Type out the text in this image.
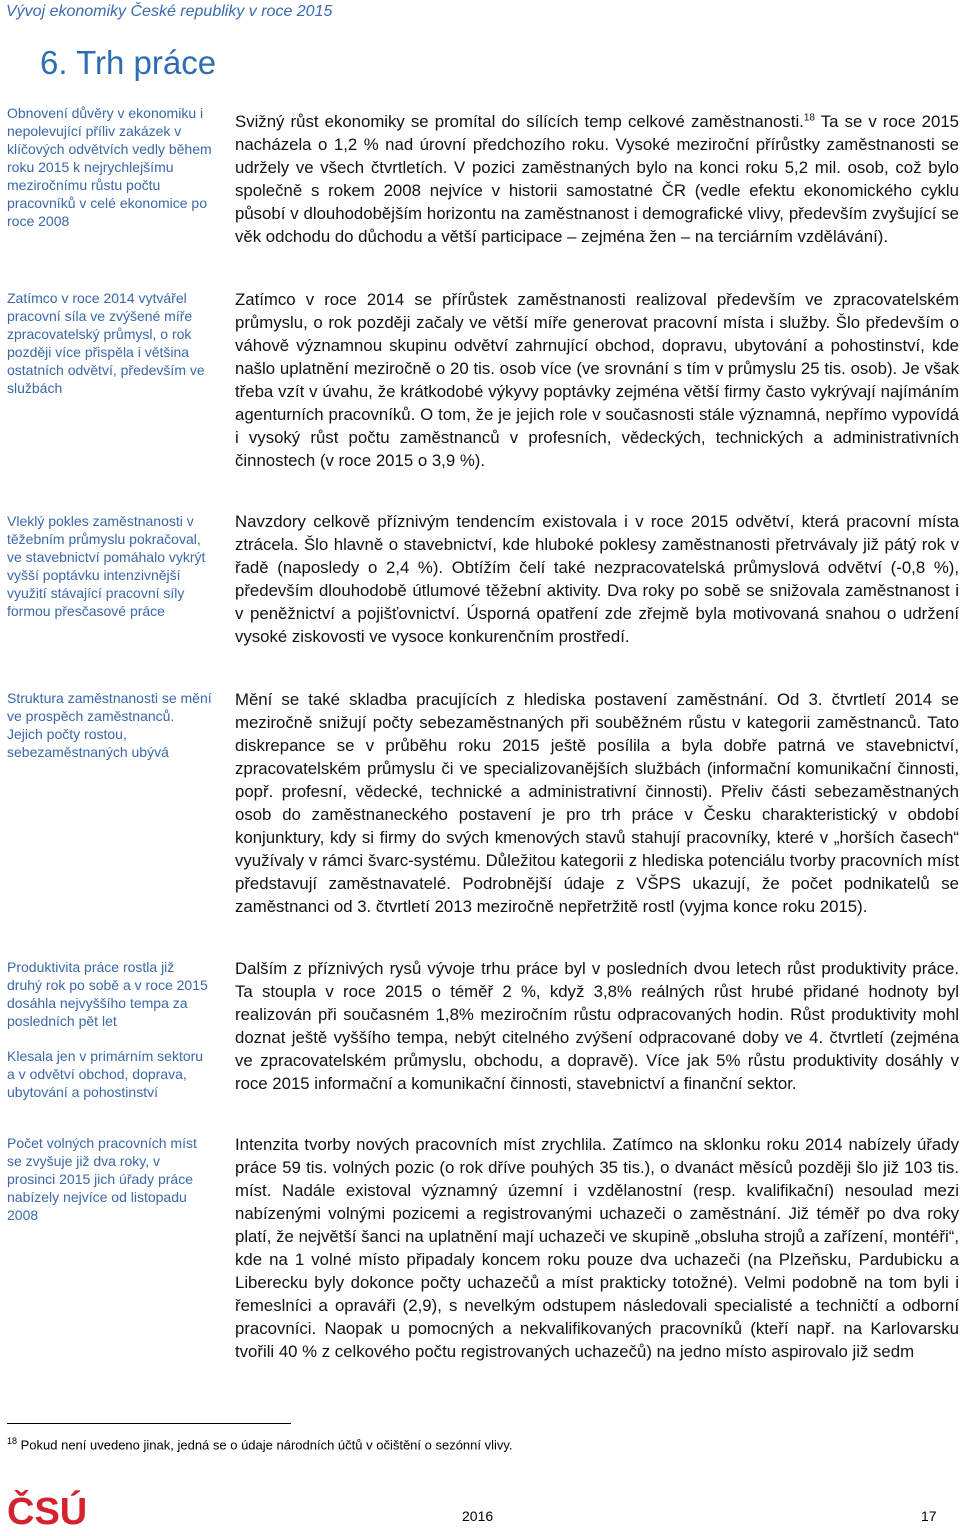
Vývoj ekonomiky České republiky v roce 2015
6. Trh práce

Obnovení důvěry v ekonomiku i nepolevující příliv zakázek v klíčových odvětvích vedly během roku 2015 k nejrychlejšímu meziročnímu růstu počtu pracovníků v celé ekonomice po roce 2008

Zatímco v roce 2014 vytvářel pracovní síla ve zvýšené míře zpracovatelský průmysl, o rok později více přispěla i většina ostatních odvětví, především ve službách

Vleklý pokles zaměstnanosti v těžebním průmyslu pokračoval, ve stavebnictví pomáhalo vykrýt vyšší poptávku intenzivnější využití stávající pracovní síly formou přesčasové práce

Struktura zaměstnanosti se mění ve prospěch zaměstnanců. Jejich počty rostou, sebezaměstnaných ubývá

Produktivita práce rostla již druhý rok po sobě a v roce 2015 dosáhla nejvyššího tempa za posledních pět let

Klesala jen v primárním sektoru a v odvětví obchod, doprava, ubytování a pohostinství

Počet volných pracovních míst se zvyšuje již dva roky, v prosinci 2015 jich úřady práce nabízely nejvíce od listopadu 2008

Svižný růst ekonomiky se promítal do sílících temp celkové zaměstnanosti.$^{18}$ Ta se v roce 2015 nacházela o 1,2 % nad úrovní předchozího roku. Vysoké meziroční přírůstky zaměstnanosti se udržely ve všech čtvrtletích. V pozici zaměstnaných bylo na konci roku 5,2 mil. osob, což bylo společně s rokem 2008 nejvíce v historii samostatné ČR (vedle efektu ekonomického cyklu působí v dlouhodobějším horizontu na zaměstnanost i demografické vlivy, především zvyšující se věk odchodu do důchodu a větší participace – zejména žen – na terciárním vzdělávání).

Zatímco v roce 2014 se přírůstek zaměstnanosti realizoval především ve zpracovatelském průmyslu, o rok později začaly ve větší míře generovat pracovní místa i služby. Šlo především o váhově významnou skupinu odvětví zahrnující obchod, dopravu, ubytování a pohostinství, kde našlo uplatnění meziročně o 20 tis. osob více (ve srovnání s tím v průmyslu 25 tis. osob). Je však třeba vzít v úvahu, že krátkodobé výkyvy poptávky zejména větší firmy často vykrývají najímáním agenturních pracovníků. O tom, že je jejich role v současnosti stále významná, nepřímo vypovídá i vysoký růst počtu zaměstnanců v profesních, vědeckých, technických a administrativních činnostech (v roce 2015 o 3,9 %).

Navzdory celkově příznivým tendencím existovala i v roce 2015 odvětví, která pracovní místa ztrácela. Šlo hlavně o stavebnictví, kde hluboké poklesy zaměstnanosti přetrvávaly již pátý rok v řadě (naposledy o 2,4 %). Obtížím čelí také nezpracovatelská průmyslová odvětví (-0,8 %), především dlouhodobě útlumové těžební aktivity. Dva roky po sobě se snižovala zaměstnanost i v peněžnictví a pojišťovnictví. Úsporná opatření zde zřejmě byla motivovaná snahou o udržení vysoké ziskovosti ve vysoce konkurenčním prostředí.

Mění se také skladba pracujících z hlediska postavení zaměstnání. Od 3. čtvrtletí 2014 se meziročně snižují počty sebezaměstnaných při souběžném růstu v kategorii zaměstnanců. Tato diskrepance se v průběhu roku 2015 ještě posílila a byla dobře patrná ve stavebnictví, zpracovatelském průmyslu či ve specializovanějších službách (informační komunikační činnosti, popř. profesní, vědecké, technické a administrativní činnosti). Přeliv části sebezaměstnaných osob do zaměstnaneckého postavení je pro trh práce v Česku charakteristický v období konjunktury, kdy si firmy do svých kmenových stavů stahují pracovníky, které v „horších časech“ využívaly v rámci švarc-systému. Důležitou kategorii z hlediska potenciálu tvorby pracovních míst představují zaměstnavatelé. Podrobnější údaje z VŠPS ukazují, že počet podnikatelů se zaměstnanci od 3. čtvrtletí 2013 meziročně nepřetržitě rostl (vyjma konce roku 2015).

Dalším z příznivých rysů vývoje trhu práce byl v posledních dvou letech růst produktivity práce. Ta stoupla v roce 2015 o téměř 2 %, když 3,8% reálných růst hrubé přidané hodnoty byl realizován při současném 1,8% meziročním růstu odpracovaných hodin. Růst produktivity mohl doznat ještě vyššího tempa, nebýt citelného zvýšení odpracované doby ve 4. čtvrtletí (zejména ve zpracovatelském průmyslu, obchodu, a dopravě). Více jak 5% růstu produktivity dosáhly v roce 2015 informační a komunikační činnosti, stavebnictví a finanční sektor.

Intenzita tvorby nových pracovních míst zrychlila. Zatímco na sklonku roku 2014 nabízely úřady práce 59 tis. volných pozic (o rok dříve pouhých 35 tis.), o dvanáct měsíců později šlo již 103 tis. míst. Nadále existoval významný územní i vzdělanostní (resp. kvalifikační) nesoulad mezi nabízenými volnými pozicemi a registrovanými uchazeči o zaměstnání. Již téměř po dva roky platí, že největší šanci na uplatnění mají uchazeči ve skupině „obsluha strojů a zařízení, montéři“, kde na 1 volné místo připadaly koncem roku pouze dva uchazeči (na Plzeňsku, Pardubicku a Liberecku byly dokonce počty uchazečů a míst prakticky totožné). Velmi podobně na tom byli i řemeslníci a opraváři (2,9), s nevelkým odstupem následovali specialisté a techničtí a odborní pracovníci. Naopak u pomocných a nekvalifikovaných pracovníků (kteří např. na Karlovarsku tvořili 40 % z celkového počtu registrovaných uchazečů) na jedno místo aspirovalo již sedm

$^{18}$ Pokud není uvedeno jinak, jedná se o údaje národních účtů v očištění o sezónní vlivy.
ČSÚ	2016	17
